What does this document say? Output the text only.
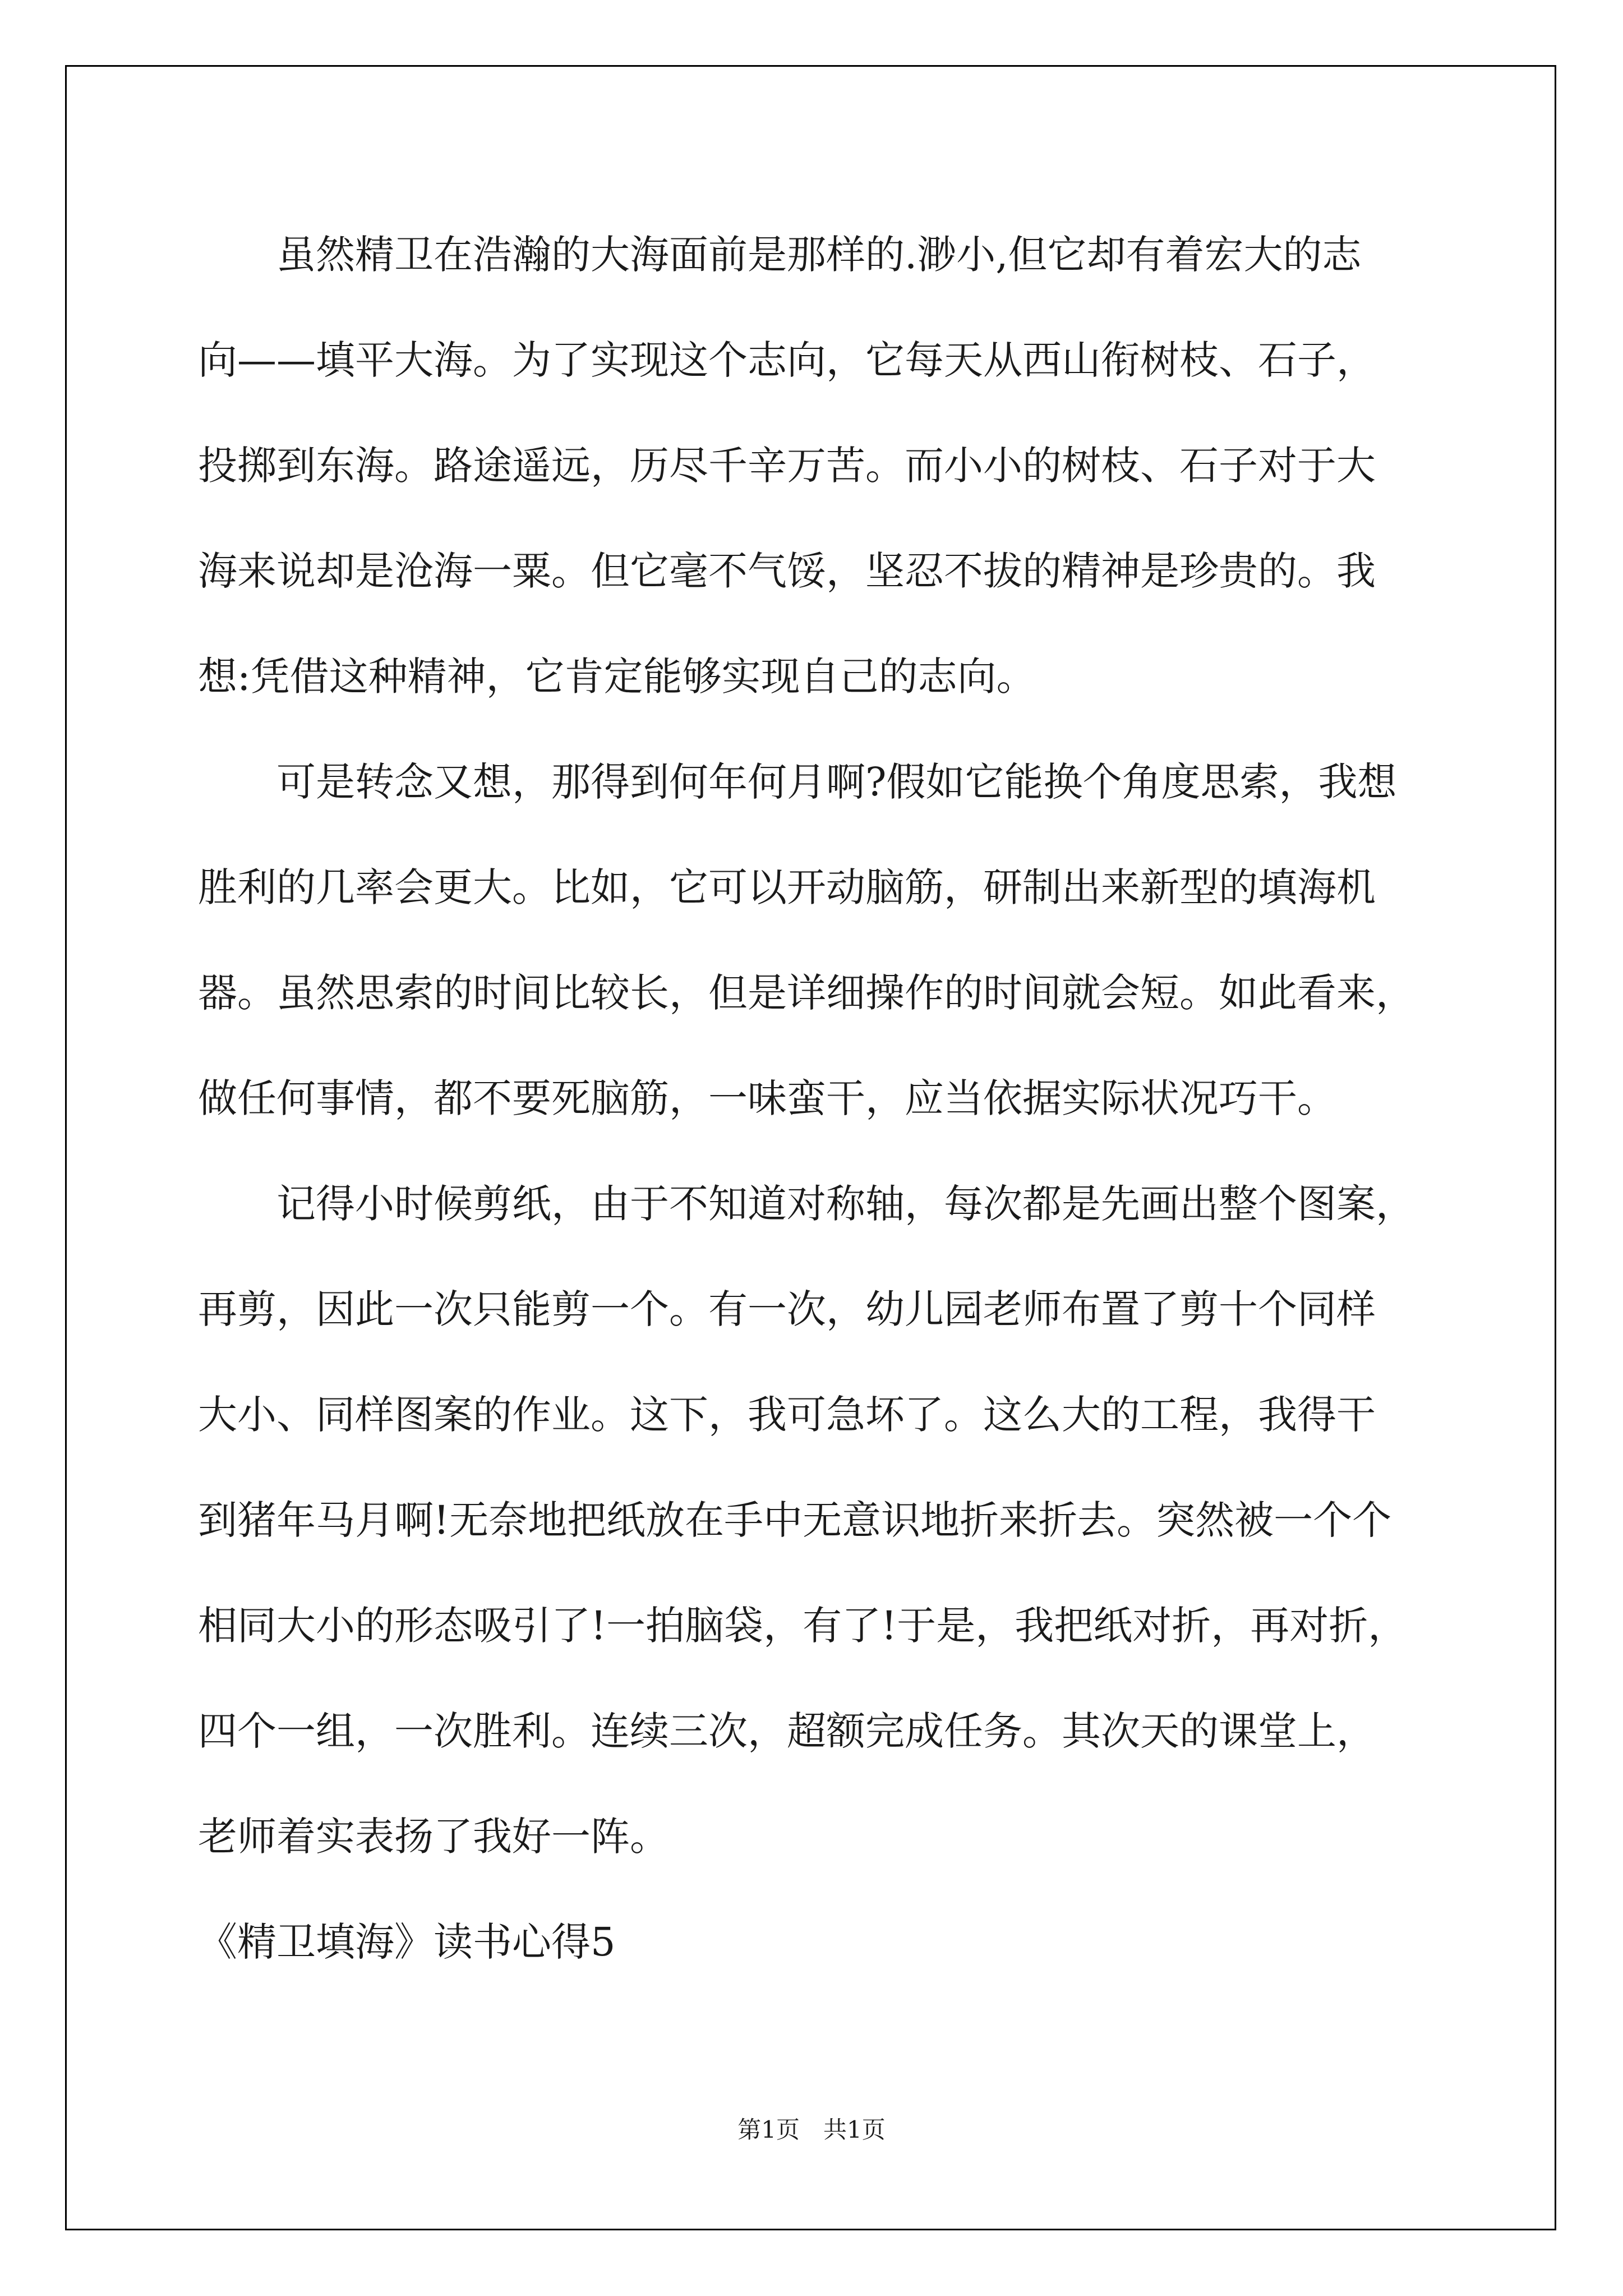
虽然精卫在浩瀚的大海面前是那样的.渺小,但它却有着宏大的志
向——填平大海。为了实现这个志向，它每天从西山衔树枝、石子，
投掷到东海。路途遥远，历尽千辛万苦。而小小的树枝、石子对于大
海来说却是沧海一粟。但它毫不气馁，坚忍不拔的精神是珍贵的。我
想:凭借这种精神，它肯定能够实现自己的志向。
可是转念又想，那得到何年何月啊?假如它能换个角度思索，我想
胜利的几率会更大。比如，它可以开动脑筋，研制出来新型的填海机
器。虽然思索的时间比较长，但是详细操作的时间就会短。如此看来，
做任何事情，都不要死脑筋，一味蛮干，应当依据实际状况巧干。
记得小时候剪纸，由于不知道对称轴，每次都是先画出整个图案，
再剪，因此一次只能剪一个。有一次，幼儿园老师布置了剪十个同样
大小、同样图案的作业。这下，我可急坏了。这么大的工程，我得干
到猪年马月啊!无奈地把纸放在手中无意识地折来折去。突然被一个个
相同大小的形态吸引了!一拍脑袋，有了!于是，我把纸对折，再对折，
四个一组，一次胜利。连续三次，超额完成任务。其次天的课堂上，
老师着实表扬了我好一阵。
《精卫填海》读书心得5
第1页　共1页
